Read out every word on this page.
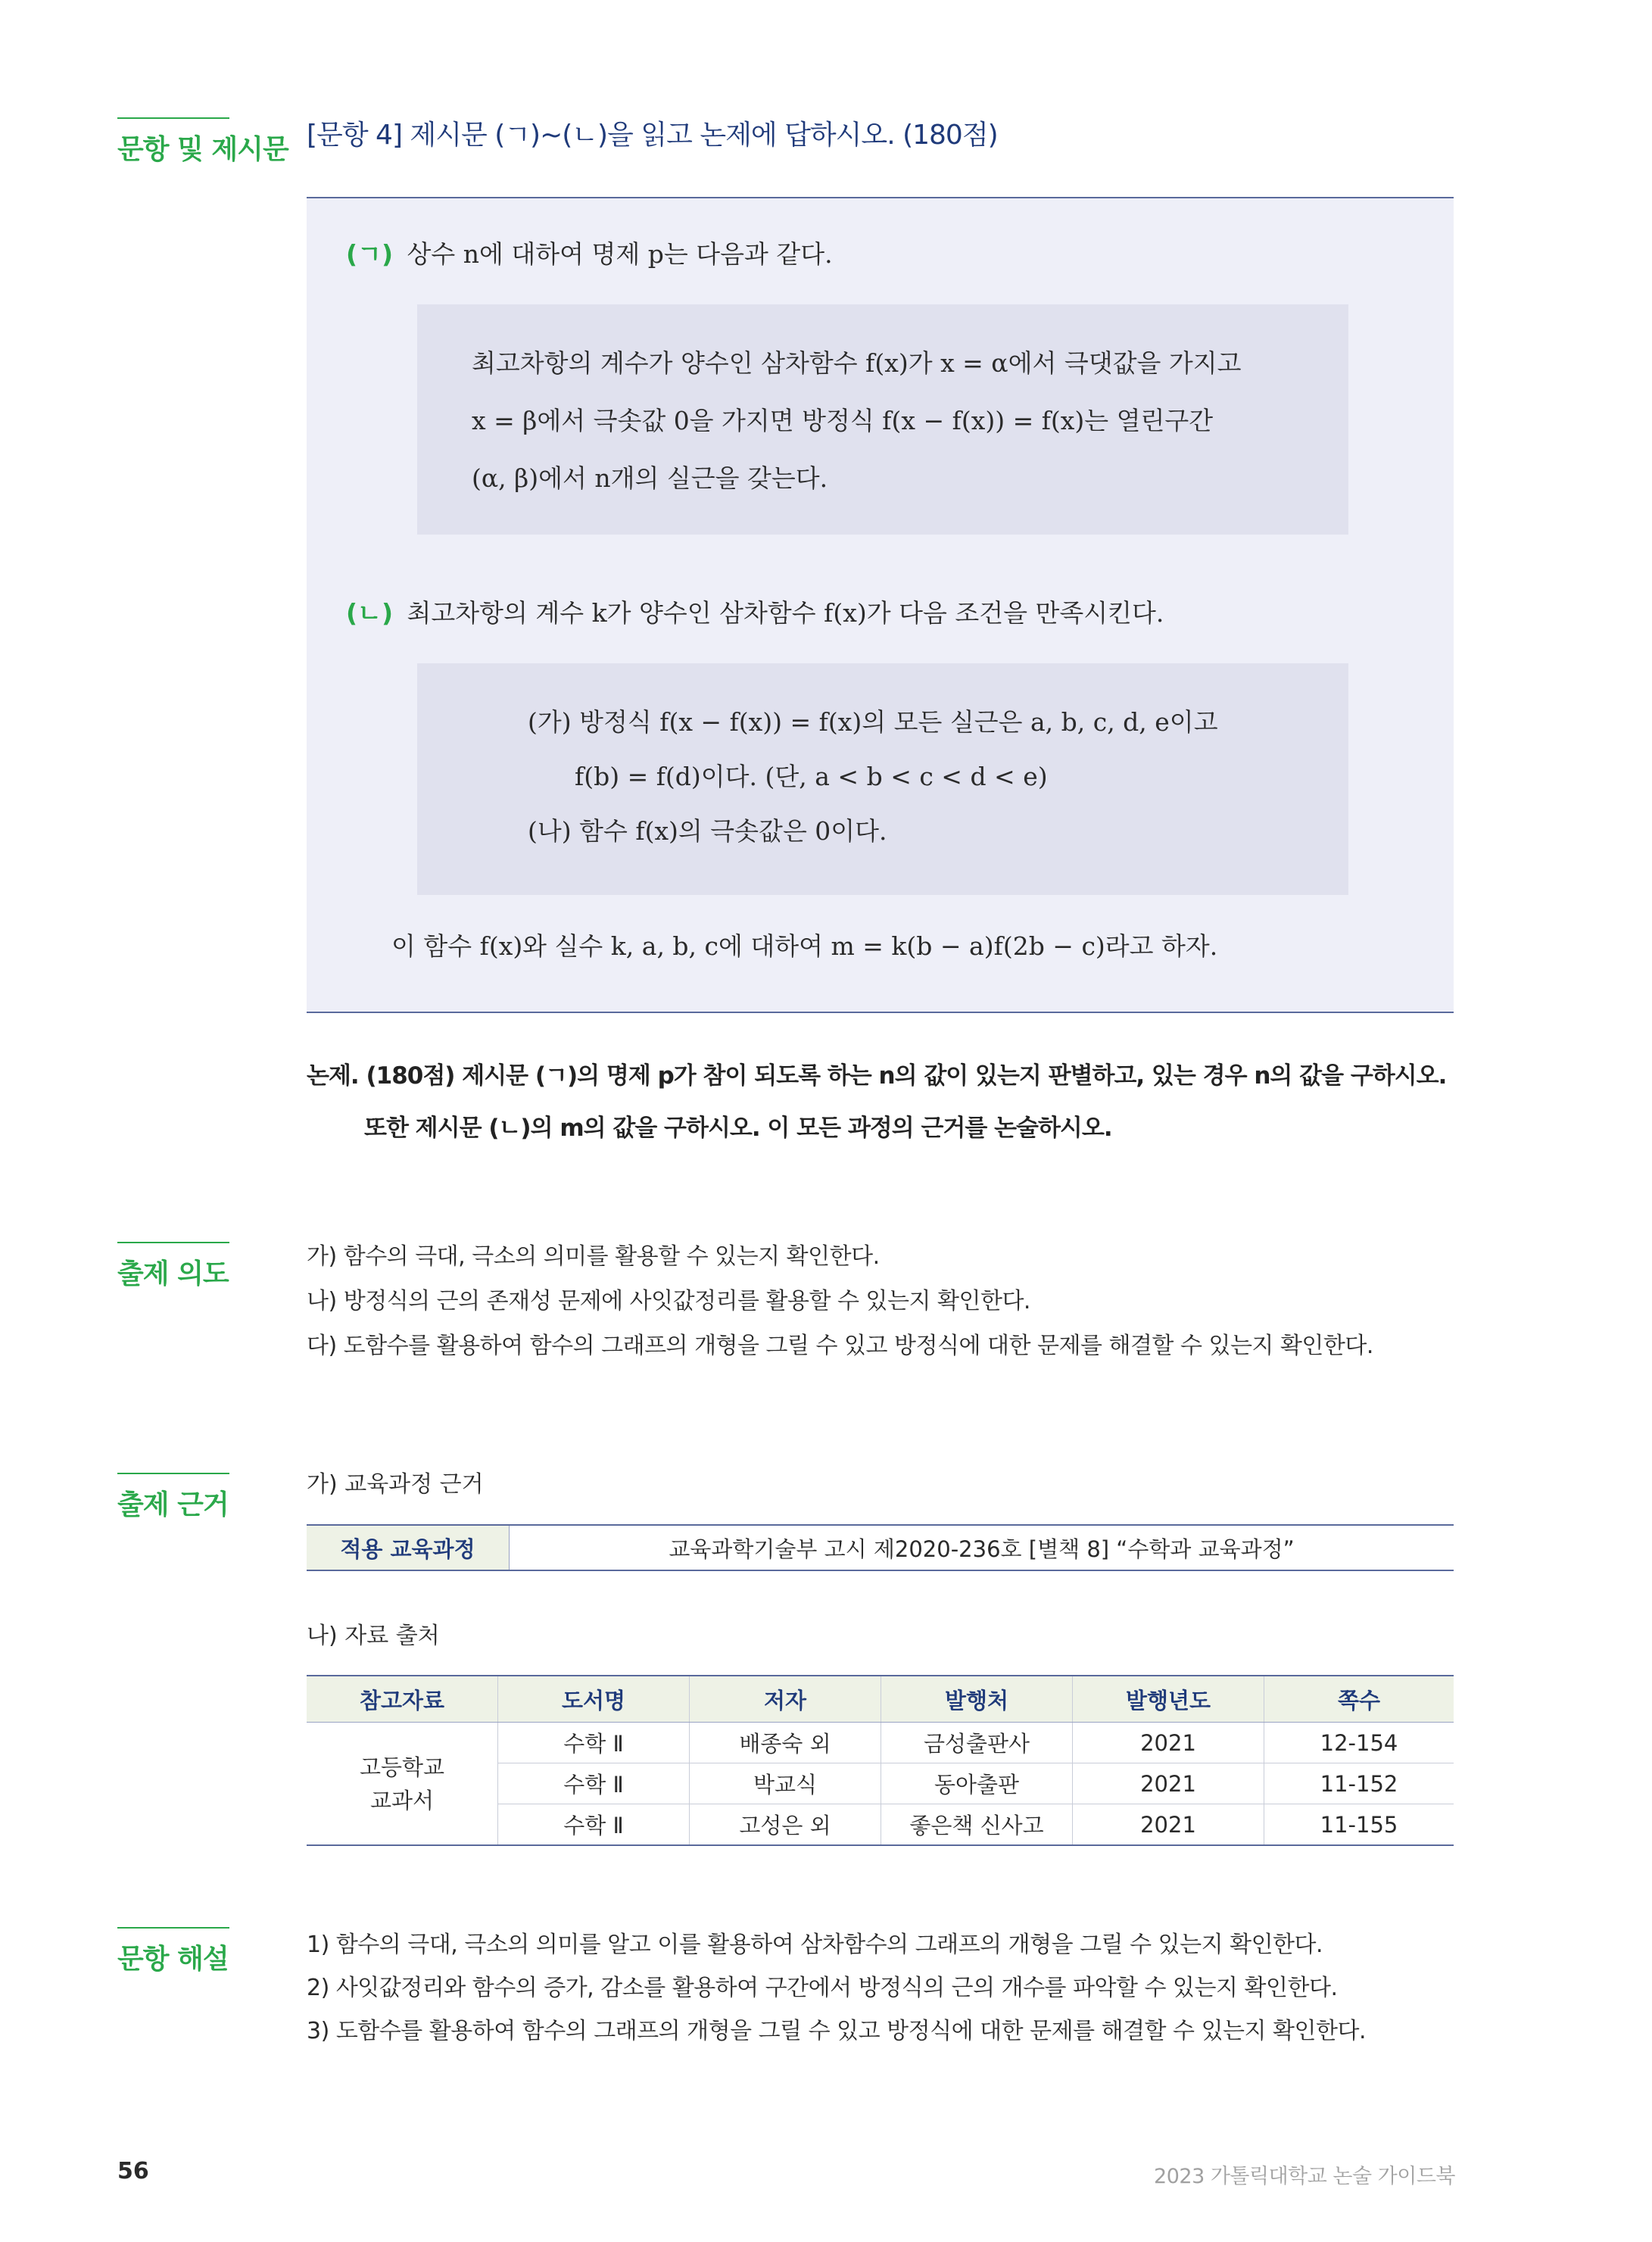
문항 및 제시문
출제 의도
출제 근거
문항 해설
[문항 4] 제시문 (ㄱ)~(ㄴ)을 읽고 논제에 답하시오. (180점)
(ㄱ) 상수 n에 대하여 명제 p는 다음과 같다.
최고차항의 계수가 양수인 삼차함수 f(x)가 x = α에서 극댓값을 가지고
x = β에서 극솟값 0을 가지면 방정식 f(x − f(x)) = f(x)는 열린구간
(α, β)에서 n개의 실근을 갖는다.
(ㄴ) 최고차항의 계수 k가 양수인 삼차함수 f(x)가 다음 조건을 만족시킨다.
(가) 방정식 f(x − f(x)) = f(x)의 모든 실근은 a, b, c, d, e이고
f(b) = f(d)이다. (단, a < b < c < d < e)
(나) 함수 f(x)의 극솟값은 0이다.
이 함수 f(x)와 실수 k, a, b, c에 대하여 m = k(b − a)f(2b − c)라고 하자.
논제. (180점) 제시문 (ㄱ)의 명제 p가 참이 되도록 하는 n의 값이 있는지 판별하고, 있는 경우 n의 값을 구하시오.
또한 제시문 (ㄴ)의 m의 값을 구하시오. 이 모든 과정의 근거를 논술하시오.
가) 함수의 극대, 극소의 의미를 활용할 수 있는지 확인한다.
나) 방정식의 근의 존재성 문제에 사잇값정리를 활용할 수 있는지 확인한다.
다) 도함수를 활용하여 함수의 그래프의 개형을 그릴 수 있고 방정식에 대한 문제를 해결할 수 있는지 확인한다.
가) 교육과정 근거
적용 교육과정	교육과학기술부 고시 제2020-236호 [별책 8] “수학과 교육과정”
나) 자료 출처
참고자료	도서명	저자	발행처	발행년도	쪽수

고등학교
교과서	수학 Ⅱ	배종숙 외	금성출판사	2021	12-154
	수학 Ⅱ	박교식	동아출판	2021	11-152
	수학 Ⅱ	고성은 외	좋은책 신사고	2021	11-155
1) 함수의 극대, 극소의 의미를 알고 이를 활용하여 삼차함수의 그래프의 개형을 그릴 수 있는지 확인한다.
2) 사잇값정리와 함수의 증가, 감소를 활용하여 구간에서 방정식의 근의 개수를 파악할 수 있는지 확인한다.
3) 도함수를 활용하여 함수의 그래프의 개형을 그릴 수 있고 방정식에 대한 문제를 해결할 수 있는지 확인한다.
56	2023 가톨릭대학교 논술 가이드북
